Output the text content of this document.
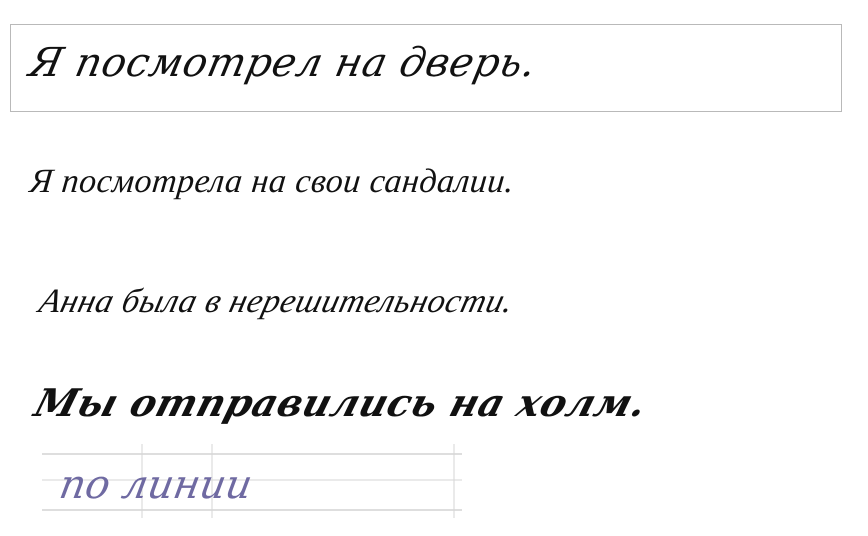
Я посмотрел на дверь.
Я посмотрела на свои сандалии.
Анна была в нерешительности.
Мы отправились на холм.
по линии
